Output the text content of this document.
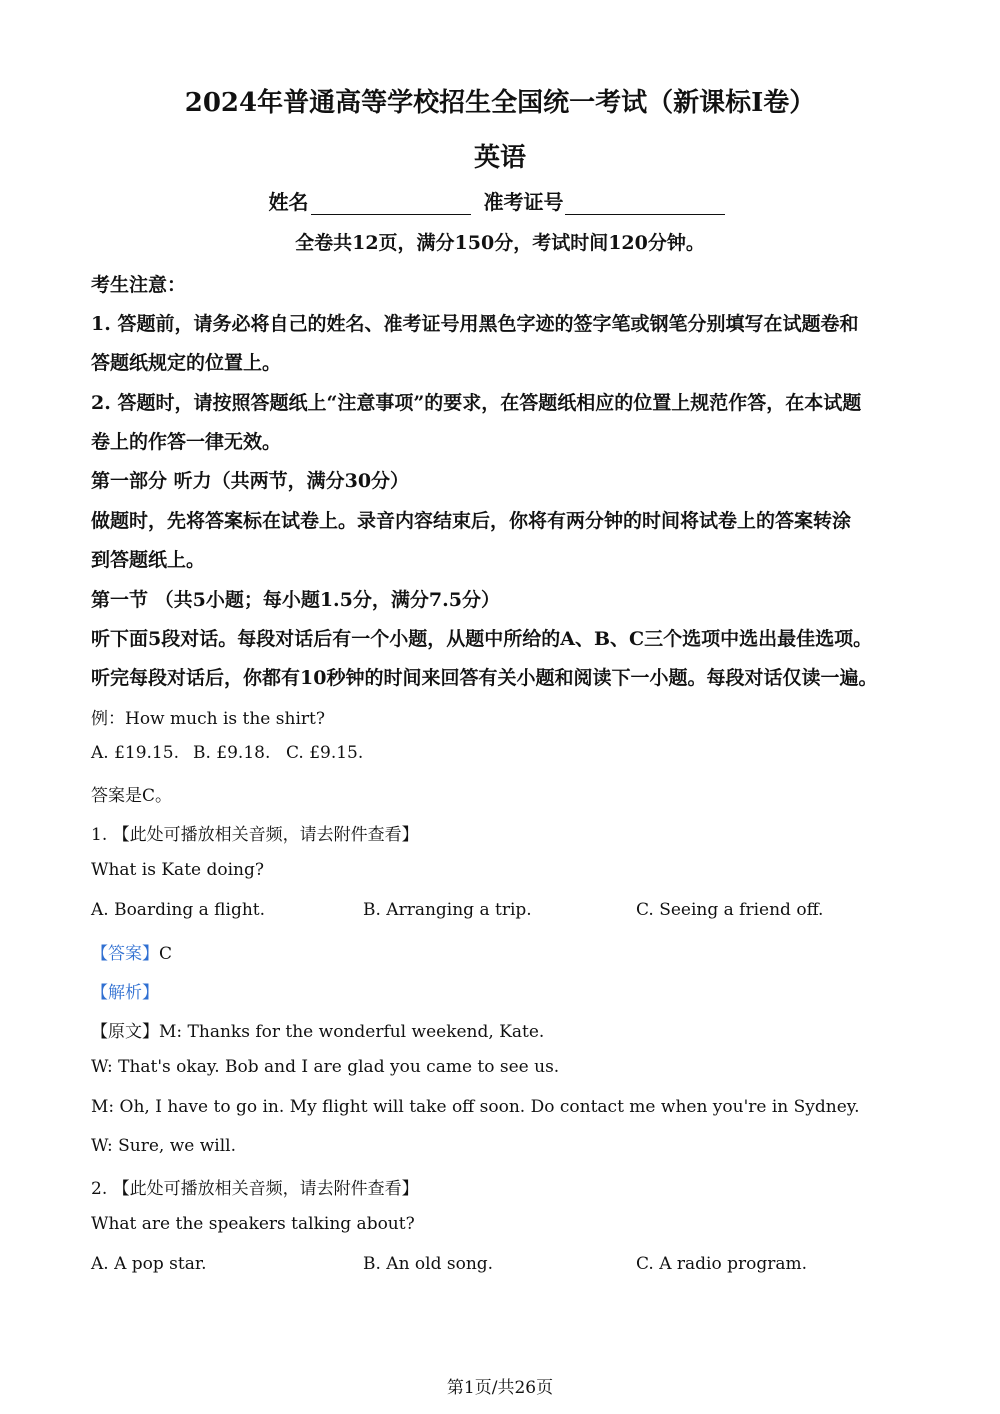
2024年普通高等学校招生全国统一考试（新课标Ⅰ卷）
英语
姓名	准考证号
全卷共12页，满分150分，考试时间120分钟。
考生注意：
1. 答题前，请务必将自己的姓名、准考证号用黑色字迹的签字笔或钢笔分别填写在试题卷和
答题纸规定的位置上。
2. 答题时，请按照答题纸上“注意事项”的要求，在答题纸相应的位置上规范作答，在本试题
卷上的作答一律无效。
第一部分 听力（共两节，满分30分）
做题时，先将答案标在试卷上。录音内容结束后，你将有两分钟的时间将试卷上的答案转涂
到答题纸上。
第一节 （共5小题；每小题1.5分，满分7.5分）
听下面5段对话。每段对话后有一个小题，从题中所给的A、B、C三个选项中选出最佳选项。
听完每段对话后，你都有10秒钟的时间来回答有关小题和阅读下一小题。每段对话仅读一遍。
例：How much is the shirt?
A. £19.15. B. £9.18. C. £9.15.
答案是C。
1. 【此处可播放相关音频，请去附件查看】
What is Kate doing?
A. Boarding a flight.	B. Arranging a trip.	C. Seeing a friend off.
【答案】C
【解析】
【原文】M: Thanks for the wonderful weekend, Kate.
W: That's okay. Bob and I are glad you came to see us.
M: Oh, I have to go in. My flight will take off soon. Do contact me when you're in Sydney.
W: Sure, we will.
2. 【此处可播放相关音频，请去附件查看】
What are the speakers talking about?
A. A pop star.	B. An old song.	C. A radio program.
第1页/共26页
